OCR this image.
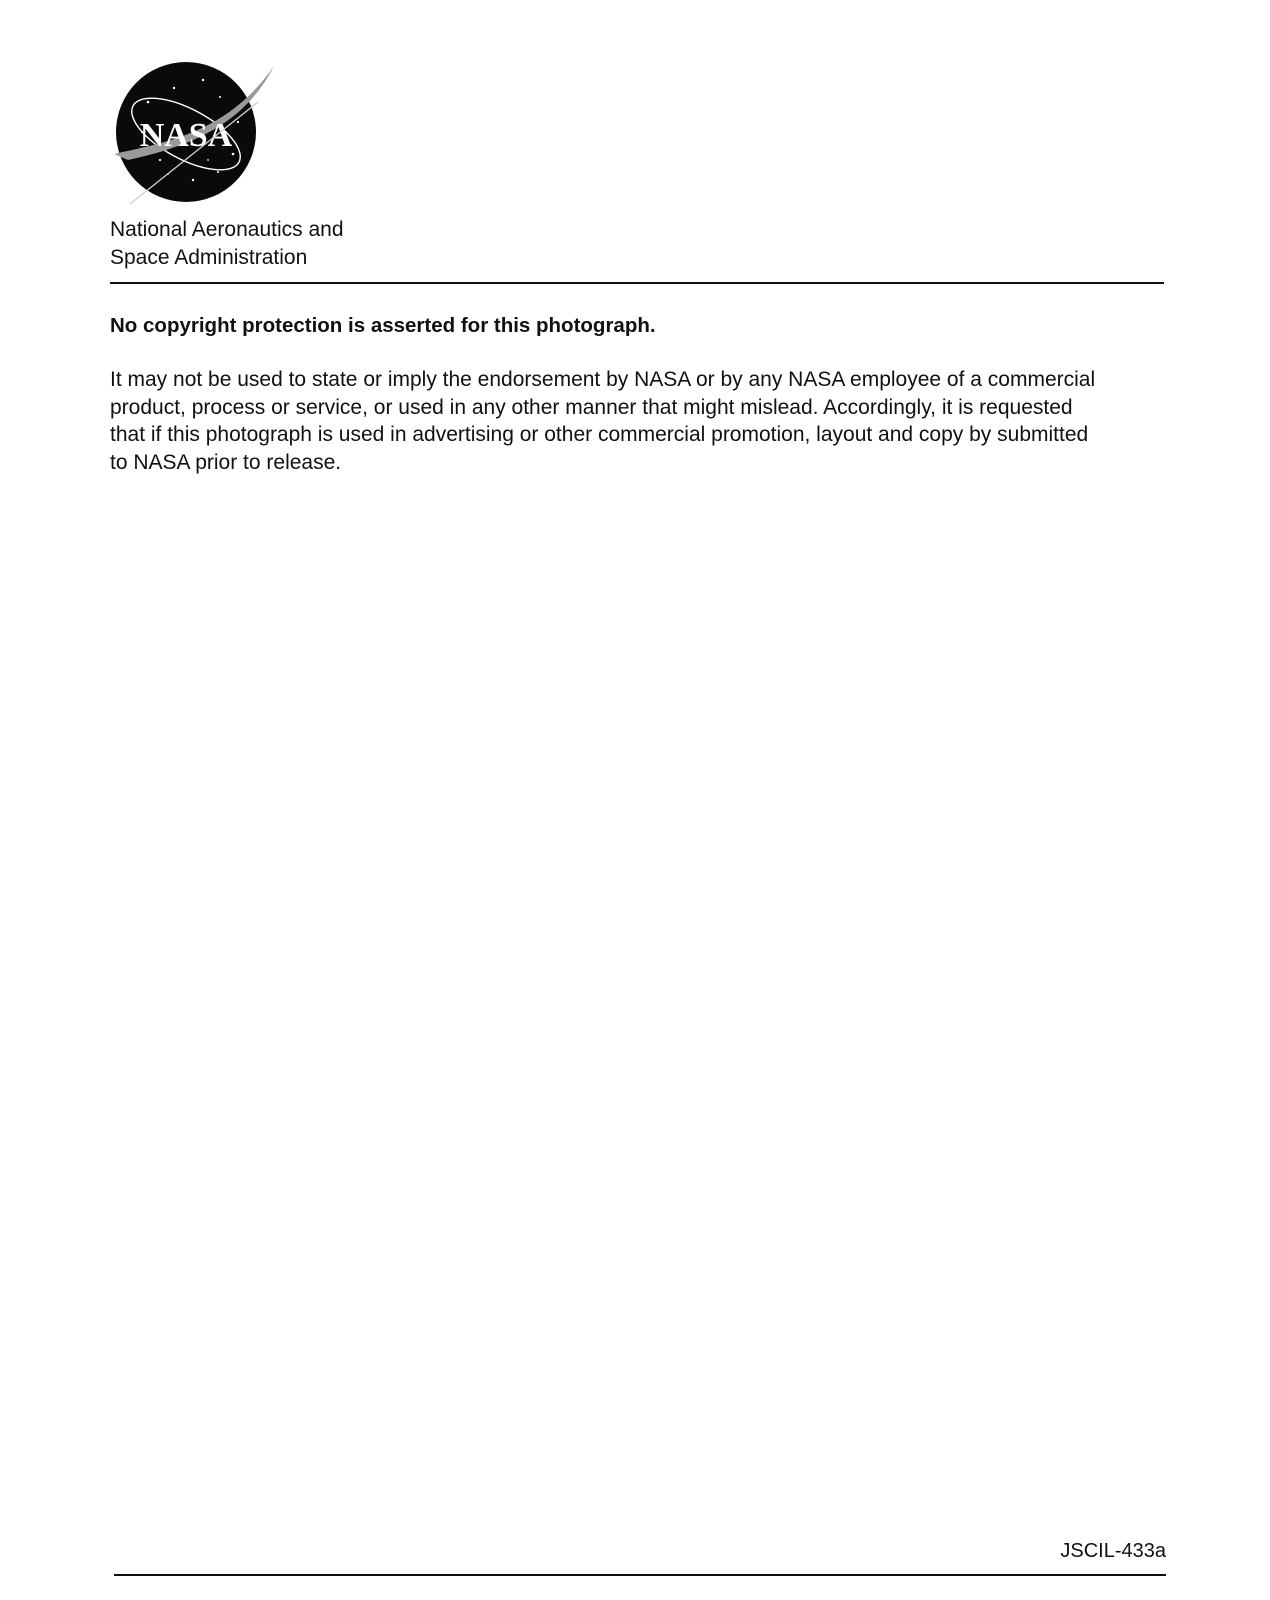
NASA
National Aeronautics and
Space Administration
No copyright protection is asserted for this photograph.
It may not be used to state or imply the endorsement by NASA or by any NASA employee of a commercial
product, process or service, or used in any other manner that might mislead. Accordingly, it is requested
that if this photograph is used in advertising or other commercial promotion, layout and copy by submitted
to NASA prior to release.
JSCIL-433a
